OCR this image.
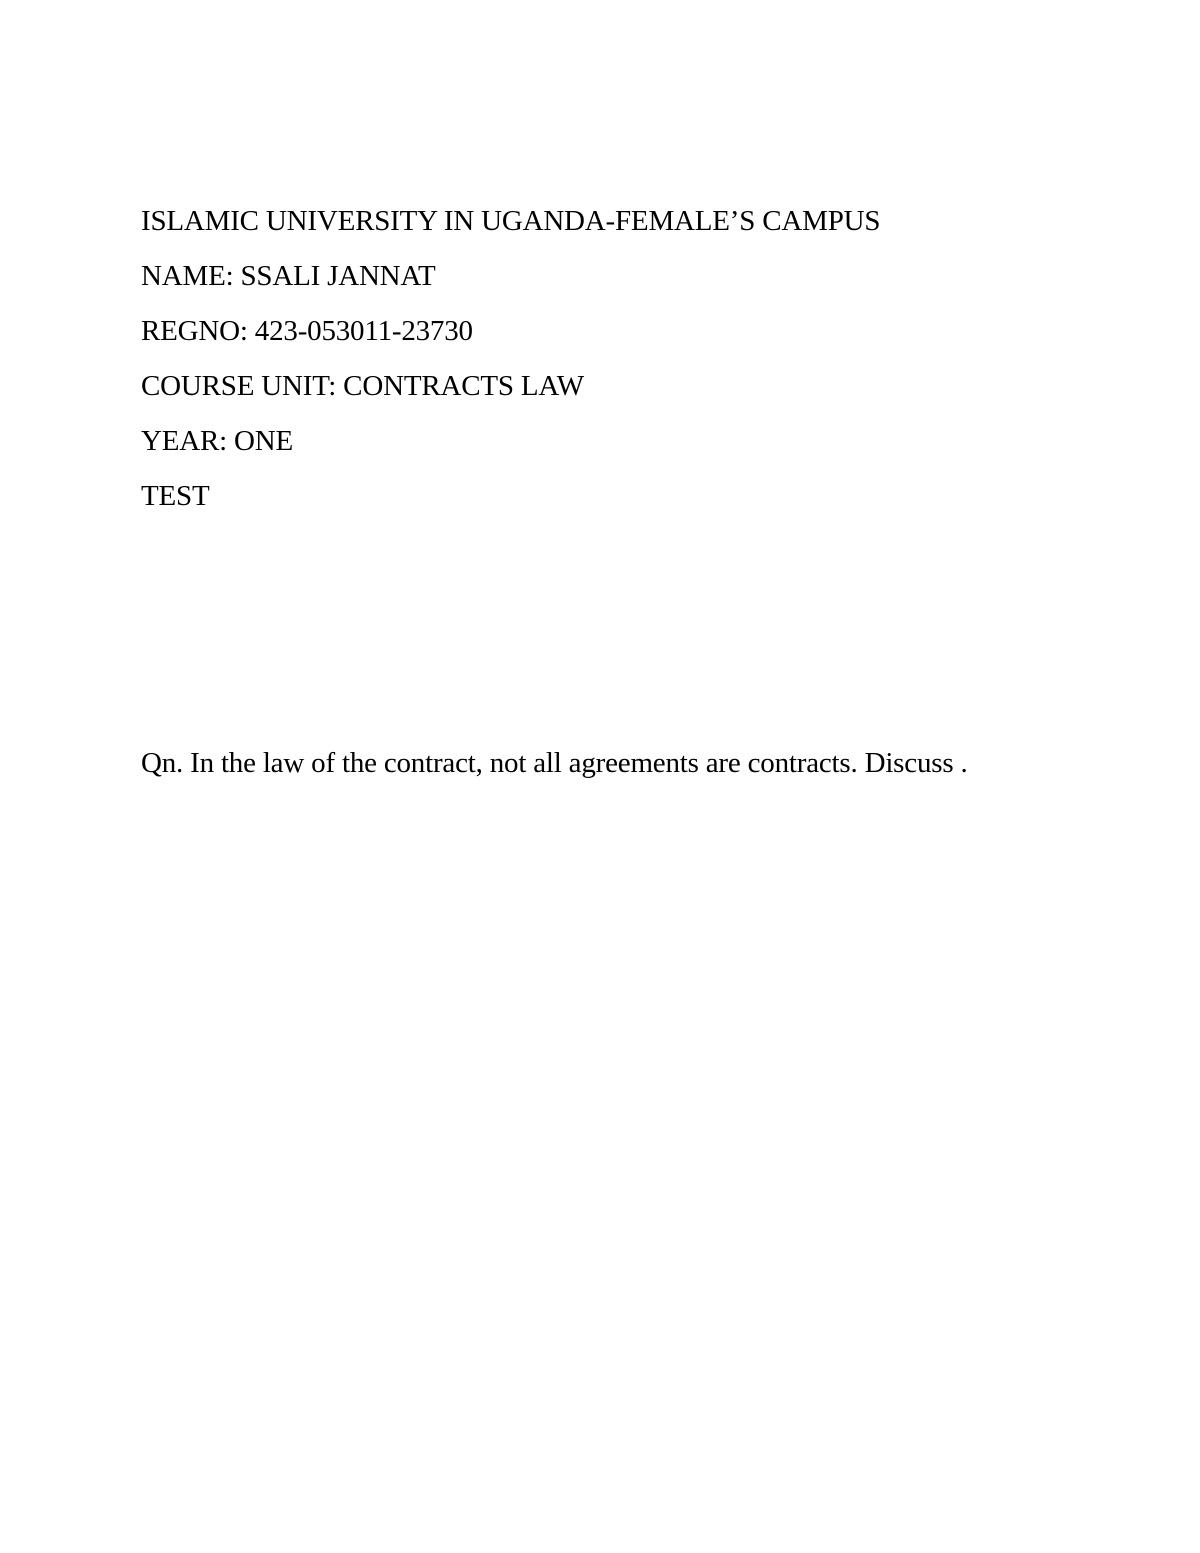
ISLAMIC UNIVERSITY IN UGANDA-FEMALE’S CAMPUS
NAME: SSALI JANNAT
REGNO: 423-053011-23730
COURSE UNIT: CONTRACTS LAW
YEAR: ONE
TEST
Qn. In the law of the contract, not all agreements are contracts. Discuss .
